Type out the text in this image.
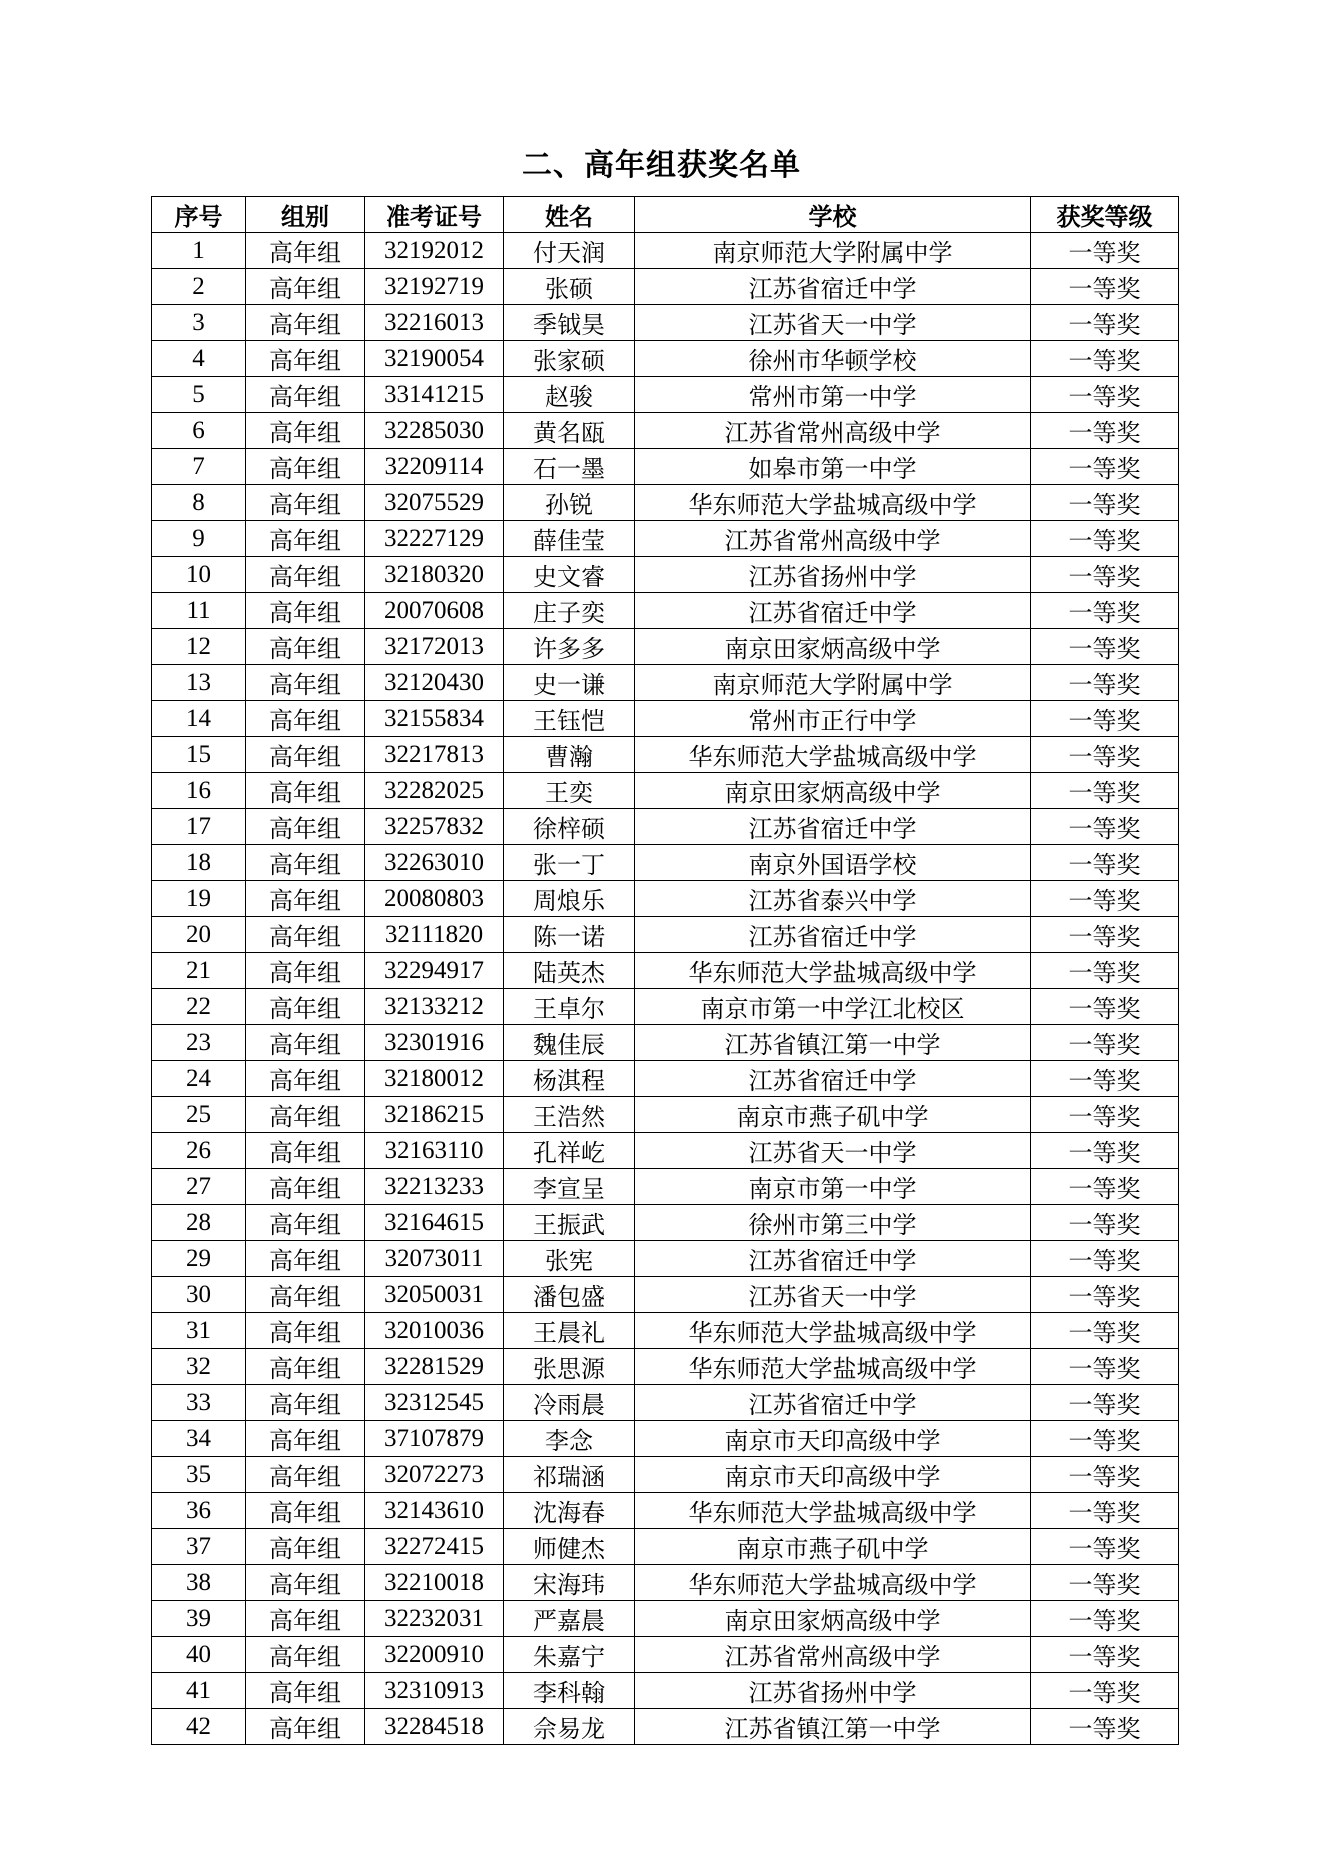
二、高年组获奖名单
序号	组别	准考证号	姓名	学校	获奖等级
1	高年组	32192012	付天润	南京师范大学附属中学	一等奖
2	高年组	32192719	张硕	江苏省宿迁中学	一等奖
3	高年组	32216013	季钺昊	江苏省天一中学	一等奖
4	高年组	32190054	张家硕	徐州市华顿学校	一等奖
5	高年组	33141215	赵骏	常州市第一中学	一等奖
6	高年组	32285030	黄名瓯	江苏省常州高级中学	一等奖
7	高年组	32209114	石一墨	如皋市第一中学	一等奖
8	高年组	32075529	孙锐	华东师范大学盐城高级中学	一等奖
9	高年组	32227129	薛佳莹	江苏省常州高级中学	一等奖
10	高年组	32180320	史文睿	江苏省扬州中学	一等奖
11	高年组	20070608	庄子奕	江苏省宿迁中学	一等奖
12	高年组	32172013	许多多	南京田家炳高级中学	一等奖
13	高年组	32120430	史一谦	南京师范大学附属中学	一等奖
14	高年组	32155834	王钰恺	常州市正行中学	一等奖
15	高年组	32217813	曹瀚	华东师范大学盐城高级中学	一等奖
16	高年组	32282025	王奕	南京田家炳高级中学	一等奖
17	高年组	32257832	徐梓硕	江苏省宿迁中学	一等奖
18	高年组	32263010	张一丁	南京外国语学校	一等奖
19	高年组	20080803	周烺乐	江苏省泰兴中学	一等奖
20	高年组	32111820	陈一诺	江苏省宿迁中学	一等奖
21	高年组	32294917	陆英杰	华东师范大学盐城高级中学	一等奖
22	高年组	32133212	王卓尔	南京市第一中学江北校区	一等奖
23	高年组	32301916	魏佳辰	江苏省镇江第一中学	一等奖
24	高年组	32180012	杨淇程	江苏省宿迁中学	一等奖
25	高年组	32186215	王浩然	南京市燕子矶中学	一等奖
26	高年组	32163110	孔祥屹	江苏省天一中学	一等奖
27	高年组	32213233	李宣呈	南京市第一中学	一等奖
28	高年组	32164615	王振武	徐州市第三中学	一等奖
29	高年组	32073011	张宪	江苏省宿迁中学	一等奖
30	高年组	32050031	潘包盛	江苏省天一中学	一等奖
31	高年组	32010036	王晨礼	华东师范大学盐城高级中学	一等奖
32	高年组	32281529	张思源	华东师范大学盐城高级中学	一等奖
33	高年组	32312545	冷雨晨	江苏省宿迁中学	一等奖
34	高年组	37107879	李念	南京市天印高级中学	一等奖
35	高年组	32072273	祁瑞涵	南京市天印高级中学	一等奖
36	高年组	32143610	沈海春	华东师范大学盐城高级中学	一等奖
37	高年组	32272415	师健杰	南京市燕子矶中学	一等奖
38	高年组	32210018	宋海玮	华东师范大学盐城高级中学	一等奖
39	高年组	32232031	严嘉晨	南京田家炳高级中学	一等奖
40	高年组	32200910	朱嘉宁	江苏省常州高级中学	一等奖
41	高年组	32310913	李科翰	江苏省扬州中学	一等奖
42	高年组	32284518	佘易龙	江苏省镇江第一中学	一等奖
